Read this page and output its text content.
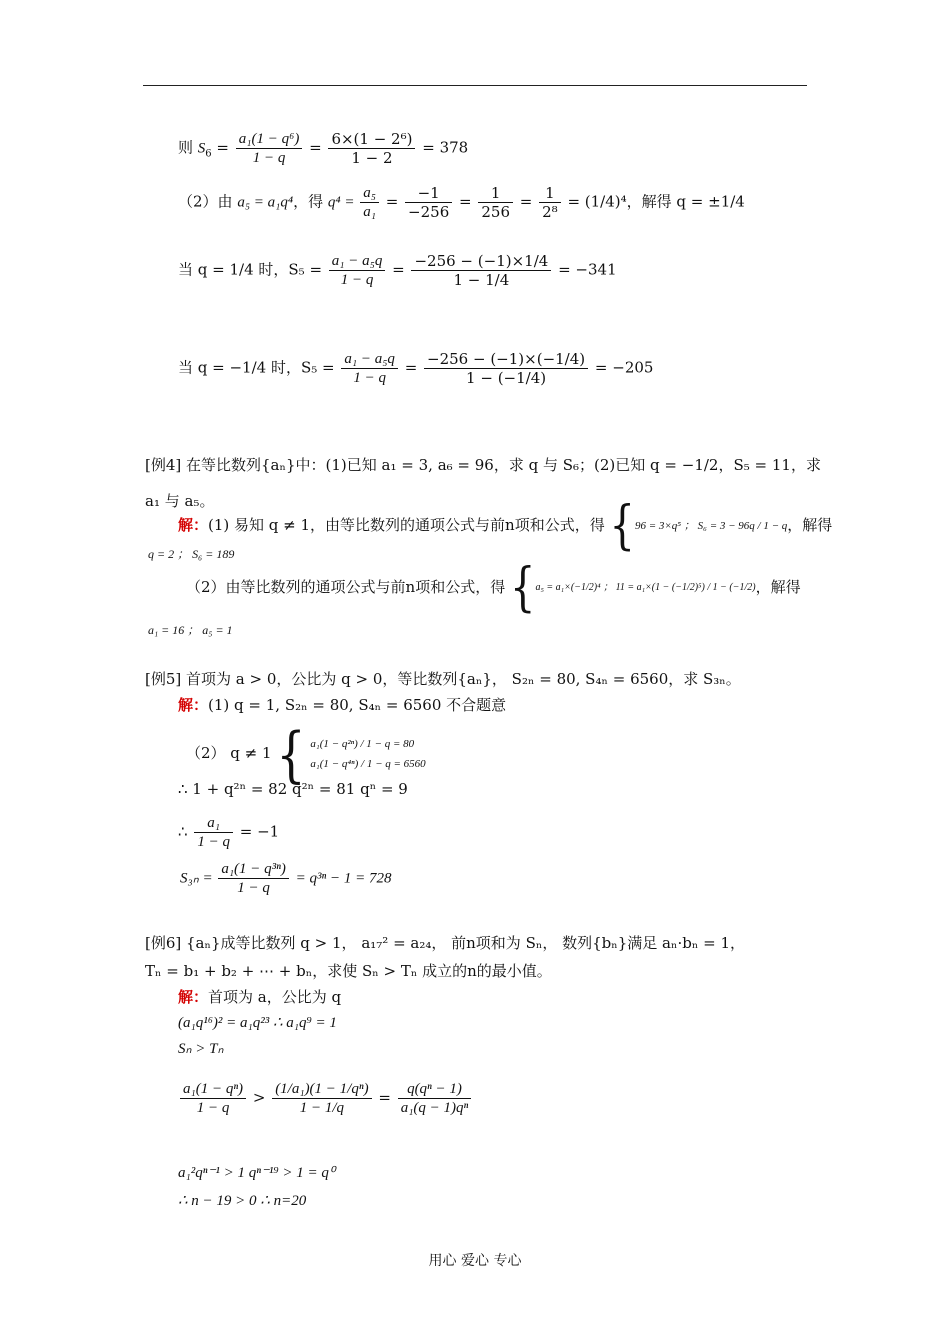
则 $S_6 = \frac{\text{a₁(1 − q⁶)}}{1 - q} = \frac{\text{6×(1 − 2⁶)}}{1 - 2} = 378$
（2）由 a₅ = a₁q⁴，得 $q^4 = \frac{\text{a₅}}{\text{a₁}} = \frac{-1}{-256} = \frac{1}{256} = \frac{1}{\text{2⁸}} = (1/4)^4$，解得 q = ±1/4
当 q = 1/4 时，$S_5 = \frac{\text{a₁ − a₅q}}{1 - q} = \frac{-256 - (-1)\times 1/4}{1 - 1/4} = -341$
当 q = −1/4 时，$S_5 = \frac{\text{a₁ − a₅q}}{1 - q} = \frac{-256 - (-1)\times(-1/4)}{1 - (-1/4)} = -205$
[例4] 在等比数列{aₙ}中：(1)已知 a₁ = 3, a₆ = 96，求 q 与 S₆；(2)已知 q = −1/2，S₅ = 11，求
a₁ 与 a₅。
解：(1) 易知 q ≠ 1，由等比数列的通项公式与前n项和公式，得 {96 = 3×q⁵ ； S₆ = 3 − 96q / 1 − q，解得
q = 2 ； S₆ = 189
（2）由等比数列的通项公式与前n项和公式，得 {a₅ = a₁×(−1/2)⁴ ； 11 = a₁×(1 − (−1/2)⁵) / 1 − (−1/2)，解得
a₁ = 16 ； a₅ = 1
[例5] 首项为 a > 0，公比为 q > 0，等比数列{aₙ}， S₂ₙ = 80, S₄ₙ = 6560，求 S₃ₙ。
解：(1) q = 1, S₂ₙ = 80, S₄ₙ = 6560 不合题意
（2） q ≠ 1 { a₁(1 − q²ⁿ) / 1 − q = 80
a₁(1 − q⁴ⁿ) / 1 − q = 6560
∴ 1 + q²ⁿ = 82 q²ⁿ = 81 qⁿ = 9
∴ $\frac{\text{a₁}}{1 - q} = -1$
$S_{3n} = \frac{\text{a₁(1 − q³ⁿ)}}{1 - q} = q^{3n} - 1 = 728$
[例6] {aₙ}成等比数列 q > 1， a₁₇² = a₂₄， 前n项和为 Sₙ， 数列{bₙ}满足 aₙ·bₙ = 1，
Tₙ = b₁ + b₂ + ⋯ + bₙ，求使 Sₙ > Tₙ 成立的n的最小值。
解：首项为 a，公比为 q
(a₁q¹⁶)² = a₁q²³ ∴ a₁q⁹ = 1
Sₙ > Tₙ
$\frac{\text{a₁(1 − qⁿ)}}{1 - q} > \frac{\text{(1/a₁)(1 − 1/qⁿ)}}{1 - 1/q} = \frac{\text{q(qⁿ − 1)}}{\text{a₁(q − 1)qⁿ}}$
a₁²qⁿ⁻¹ > 1 qⁿ⁻¹⁹ > 1 = q⁰
∴ n − 19 > 0 ∴ n=20
用心 爱心 专心
